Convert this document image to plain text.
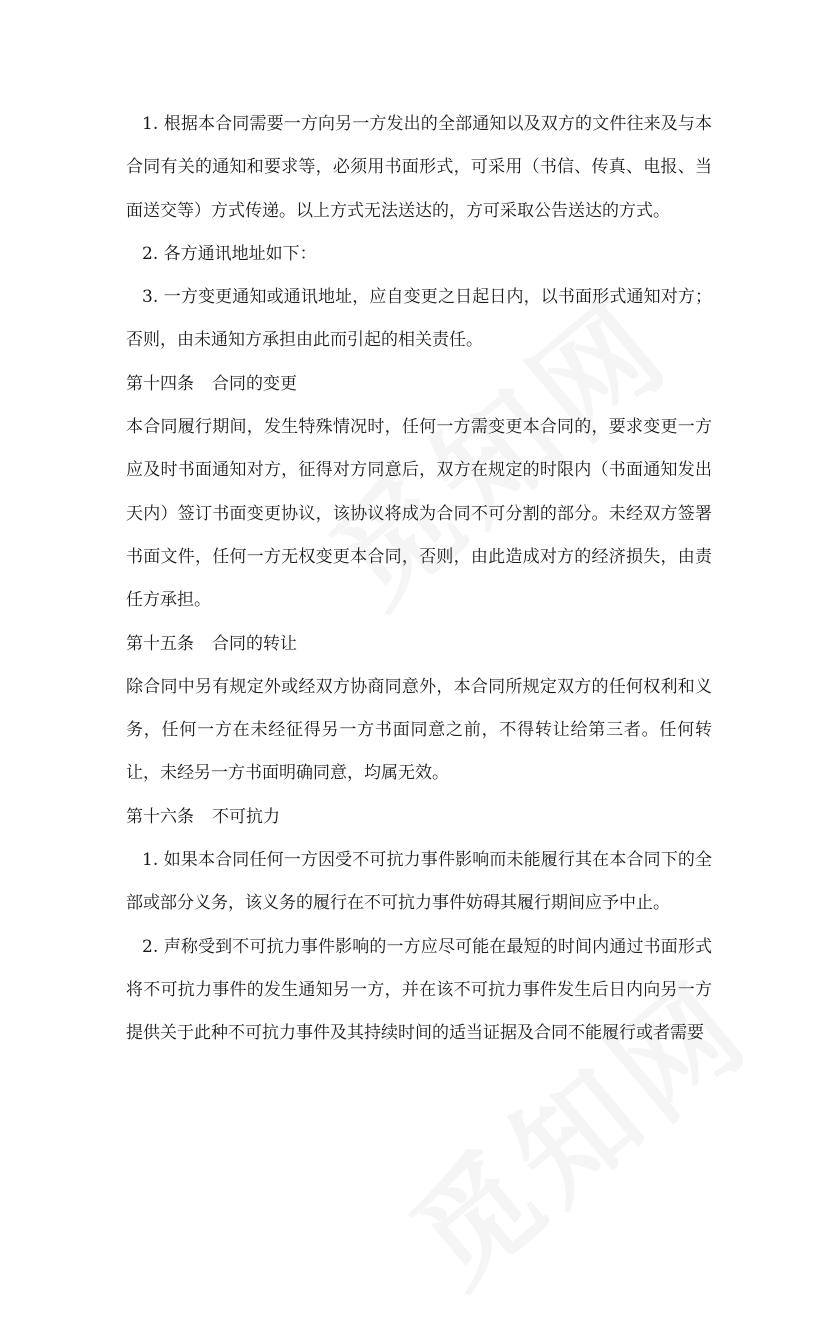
1. 根据本合同需要一方向另一方发出的全部通知以及双方的文件往来及与本合同有关的通知和要求等，必须用书面形式，可采用（书信、传真、电报、当面送交等）方式传递。以上方式无法送达的，方可采取公告送达的方式。

2. 各方通讯地址如下：

3. 一方变更通知或通讯地址，应自变更之日起日内，以书面形式通知对方；否则，由未通知方承担由此而引起的相关责任。

第十四条 合同的变更

本合同履行期间，发生特殊情况时，任何一方需变更本合同的，要求变更一方应及时书面通知对方，征得对方同意后，双方在规定的时限内（书面通知发出天内）签订书面变更协议，该协议将成为合同不可分割的部分。未经双方签署书面文件，任何一方无权变更本合同，否则，由此造成对方的经济损失，由责任方承担。

第十五条 合同的转让

除合同中另有规定外或经双方协商同意外，本合同所规定双方的任何权利和义务，任何一方在未经征得另一方书面同意之前，不得转让给第三者。任何转让，未经另一方书面明确同意，均属无效。

第十六条 不可抗力

1. 如果本合同任何一方因受不可抗力事件影响而未能履行其在本合同下的全部或部分义务，该义务的履行在不可抗力事件妨碍其履行期间应予中止。

2. 声称受到不可抗力事件影响的一方应尽可能在最短的时间内通过书面形式将不可抗力事件的发生通知另一方，并在该不可抗力事件发生后日内向另一方提供关于此种不可抗力事件及其持续时间的适当证据及合同不能履行或者需要
